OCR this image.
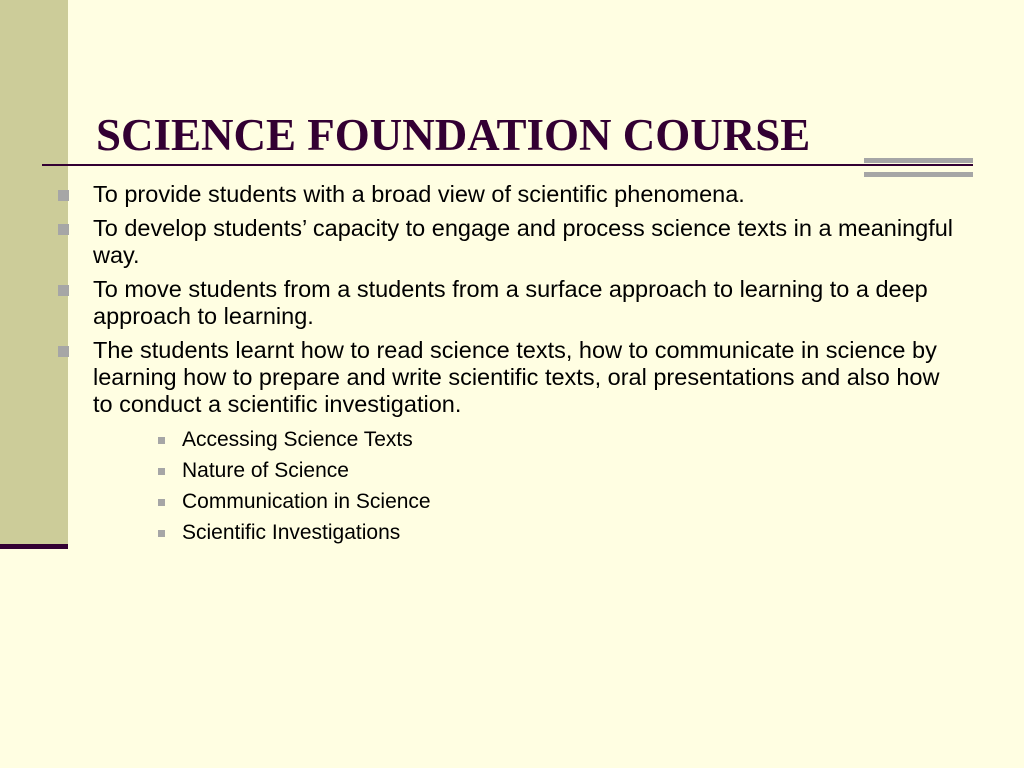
SCIENCE FOUNDATION COURSE
To provide students with a broad view of scientific phenomena.
To develop students’ capacity to engage and process science texts in a meaningful way.
To move students from a students from a surface approach to learning to a deep approach to learning.
The students learnt how to read science texts, how to communicate in science by learning how to prepare and write scientific texts, oral presentations and also how to conduct a scientific investigation.
Accessing Science Texts
Nature of Science
Communication in Science
Scientific Investigations
